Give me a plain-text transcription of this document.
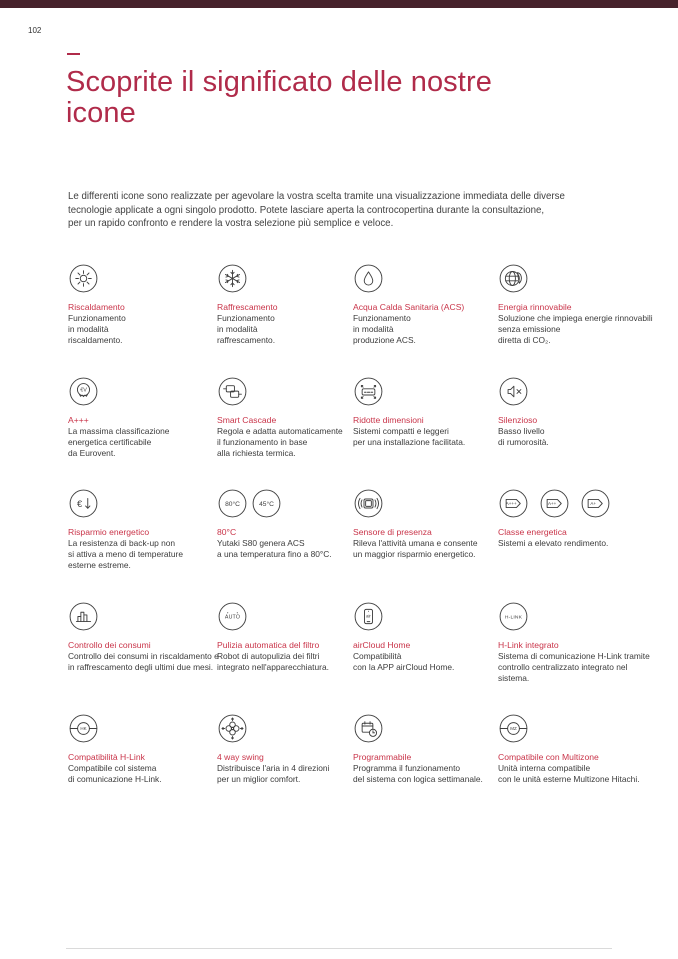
102
Scoprite il significato delle nostre icone
Le differenti icone sono realizzate per agevolare la vostra scelta tramite una visualizzazione immediata delle diverse
tecnologie applicate a ogni singolo prodotto. Potete lasciare aperta la controcopertina durante la consultazione,
per un rapido confronto e rendere la vostra selezione più semplice e veloce.
Riscaldamento
Funzionamento
in modalità
riscaldamento.
Raffrescamento
Funzionamento
in modalità
raffrescamento.
Acqua Calda Sanitaria (ACS)
Funzionamento
in modalità
produzione ACS.
Energia rinnovabile
Soluzione che impiega energie rinnovabili
senza emissione
diretta di CO₂.
€V
A+++
La massima classificazione
energetica certificabile
da Eurovent.
Smart Cascade
Regola e adatta automaticamente
il funzionamento in base
alla richiesta termica.
Ridotte dimensioni
Sistemi compatti e leggeri
per una installazione facilitata.
Silenzioso
Basso livello
di rumorosità.
€
Risparmio energetico
La resistenza di back-up non
si attiva a meno di temperature
esterne estreme.
80°C 45°C
80°C
Yutaki S80 genera ACS
a una temperatura fino a 80°C.
Sensore di presenza
Rileva l'attività umana e consente
un maggior risparmio energetico.
A+++	A++	A+
Classe energetica
Sistemi a elevato rendimento.
Controllo dei consumi
Controllo dei consumi in riscaldamento e
in raffrescamento degli ultimi due mesi.
AUTO
Pulizia automatica del filtro
Robot di autopulizia dei filtri
integrato nell'apparecchiatura.
air
airCloud Home
Compatibilità
con la APP airCloud Home.
H-LINK
H-Link integrato
Sistema di comunicazione H-Link tramite
controllo centralizzato integrato nel
sistema.
HK
Compatibilità H-Link
Compatibile col sistema
di comunicazione H-Link.
4 way swing
Distribuisce l'aria in 4 direzioni
per un miglior comfort.
Programmabile
Programma il funzionamento
del sistema con logica settimanale.
MZ
Compatibile con Multizone
Unità interna compatibile
con le unità esterne Multizone Hitachi.
